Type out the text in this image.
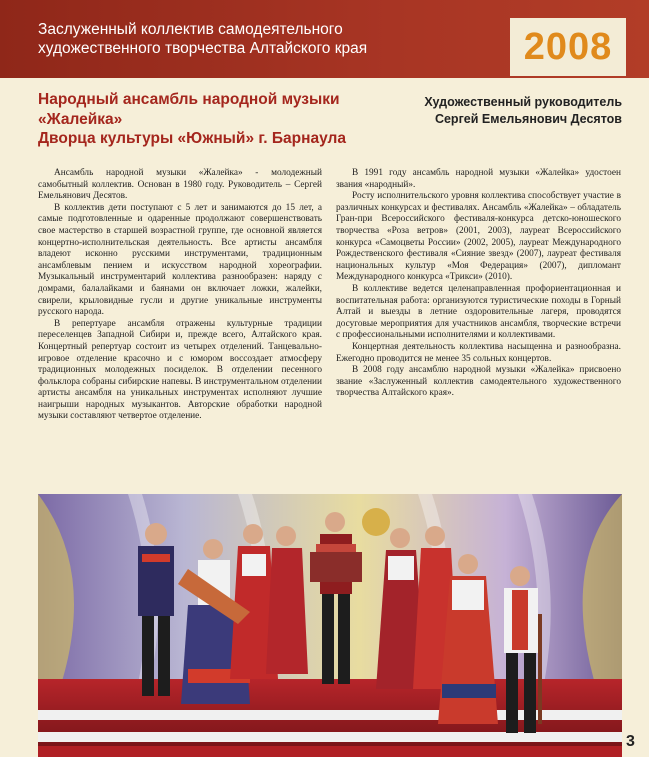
Заслуженный коллектив самодеятельного
художественного творчества Алтайского края	2008
Народный ансамбль народной музыки
«Жалейка»
Дворца культуры «Южный» г. Барнаула
Художественный руководитель
Сергей Емельянович Десятов

Ансамбль народной музыки «Жалейка» - молодежный самобытный коллектив. Основан в 1980 году. Руководитель – Сергей Емельянович Десятов.

В коллектив дети поступают с 5 лет и занимаются до 15 лет, а самые подготовленные и одаренные продолжают совершенствовать свое мастерство в старшей возрастной группе, где основной является концертно-исполнительская деятельность. Все артисты ансамбля владеют исконно русскими инструментами, традиционным ансамблевым пением и искусством народной хореографии. Музыкальный инструментарий коллектива разнообразен: наряду с домрами, балалайками и баянами он включает ложки, жалейки, свирели, крыловидные гусли и другие уникальные инструменты русского народа.

В репертуаре ансамбля отражены культурные традиции переселенцев Западной Сибири и, прежде всего, Алтайского края. Концертный репертуар состоит из четырех отделений. Танцевально-игровое отделение красочно и с юмором воссоздает атмосферу традиционных молодежных посиделок. В отделении песенного фольклора собраны сибирские напевы. В инструментальном отделении артисты ансамбля на уникальных инструментах исполняют лучшие наигрыши народных музыкантов. Авторские обработки народной музыки составляют четвертое отделение.

В 1991 году ансамбль народной музыки «Жалейка» удостоен звания «народный».

Росту исполнительского уровня коллектива способствует участие в различных конкурсах и фестивалях. Ансамбль «Жалейка» – обладатель Гран-при Всероссийского фестиваля-конкурса детско-юношеского творчества «Роза ветров» (2001, 2003), лауреат Всероссийского конкурса «Самоцветы России» (2002, 2005), лауреат Международного Рождественского фестиваля «Сияние звезд» (2007), лауреат фестиваля национальных культур «Моя Федерация» (2007), дипломант Международного конкурса «Трикси» (2010).

В коллективе ведется целенаправленная профориентационная и воспитательная работа: организуются туристические походы в Горный Алтай и выезды в летние оздоровительные лагеря, проводятся досуговые мероприятия для участников ансамбля, творческие встречи с профессиональными исполнителями и коллективами.

Концертная деятельность коллектива насыщенна и разнообразна. Ежегодно проводится не менее 35 сольных концертов.

В 2008 году ансамблю народной музыки «Жалейка» присвоено звание «Заслуженный коллектив самодеятельного художественного творчества Алтайского края».

3
